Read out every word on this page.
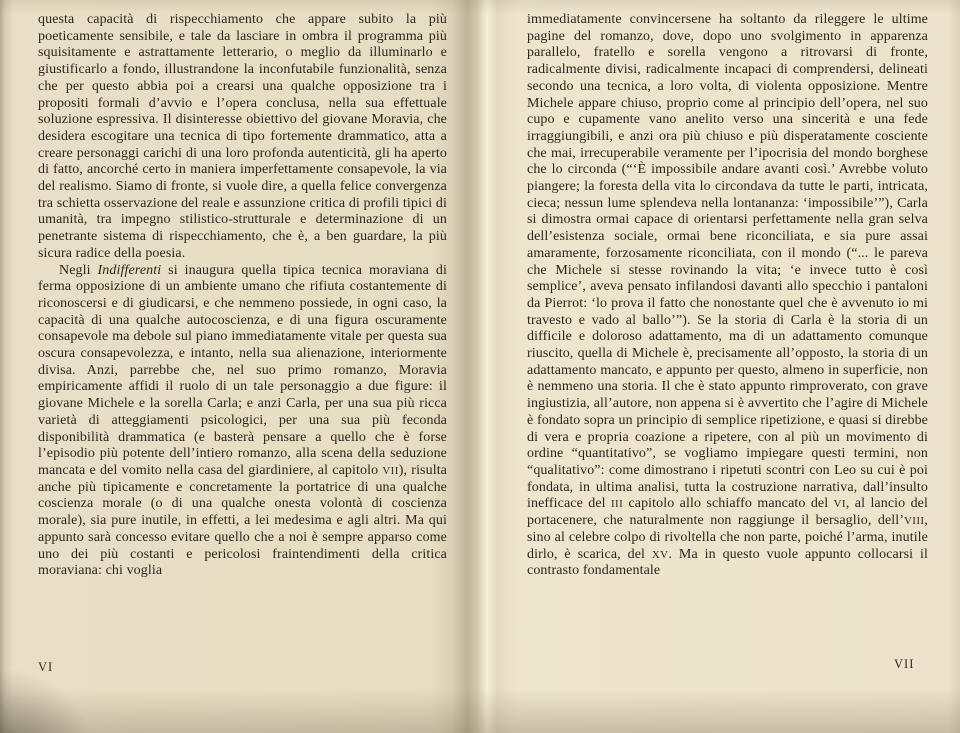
questa capacità di rispecchiamento che appare subito la più poeticamente sensibile, e tale da lasciare in ombra il programma più squisitamente e astrattamente letterario, o meglio da illuminarlo e giustificarlo a fondo, illustrandone la inconfutabile funzionalità, senza che per questo abbia poi a crearsi una qualche opposizione tra i propositi formali d’avvio e l’opera conclusa, nella sua effettuale soluzione espressiva. Il disinteresse obiettivo del giovane Moravia, che desidera escogitare una tecnica di tipo fortemente drammatico, atta a creare personaggi carichi di una loro profonda autenticità, gli ha aperto di fatto, ancorché certo in maniera imperfettamente consapevole, la via del realismo. Siamo di fronte, si vuole dire, a quella felice convergenza tra schietta osservazione del reale e assunzione critica di profili tipici di umanità, tra impegno stilistico-strutturale e determinazione di un penetrante sistema di rispecchiamento, che è, a ben guardare, la più sicura radice della poesia.

Negli Indifferenti si inaugura quella tipica tecnica moraviana di ferma opposizione di un ambiente umano che rifiuta costantemente di riconoscersi e di giudicarsi, e che nemmeno possiede, in ogni caso, la capacità di una qualche autocoscienza, e di una figura oscuramente consapevole ma debole sul piano immediatamente vitale per questa sua oscura consapevolezza, e intanto, nella sua alienazione, interiormente divisa. Anzi, parrebbe che, nel suo primo romanzo, Moravia empiricamente affidi il ruolo di un tale personaggio a due figure: il giovane Michele e la sorella Carla; e anzi Carla, per una sua più ricca varietà di atteggiamenti psicologici, per una sua più feconda disponibilità drammatica (e basterà pensare a quello che è forse l’episodio più potente dell’intiero romanzo, alla scena della seduzione mancata e del vomito nella casa del giardiniere, al capitolo VII), risulta anche più tipicamente e concretamente la portatrice di una qualche coscienza morale (o di una qualche onesta volontà di coscienza morale), sia pure inutile, in effetti, a lei medesima e agli altri. Ma qui appunto sarà concesso evitare quello che a noi è sempre apparso come uno dei più costanti e pericolosi fraintendimenti della critica moraviana: chi voglia

VI

immediatamente convincersene ha soltanto da rileggere le ultime pagine del romanzo, dove, dopo uno svolgimento in apparenza parallelo, fratello e sorella vengono a ritrovarsi di fronte, radicalmente divisi, radicalmente incapaci di comprendersi, delineati secondo una tecnica, a loro volta, di violenta opposizione. Mentre Michele appare chiuso, proprio come al principio dell’opera, nel suo cupo e cupamente vano anelito verso una sincerità e una fede irraggiungibili, e anzi ora più chiuso e più disperatamente cosciente che mai, irrecuperabile veramente per l’ipocrisia del mondo borghese che lo circonda (“‘È impossibile andare avanti così.’ Avrebbe voluto piangere; la foresta della vita lo circondava da tutte le parti, intricata, cieca; nessun lume splendeva nella lontananza: ‘impossibile’”), Carla si dimostra ormai capace di orientarsi perfettamente nella gran selva dell’esistenza sociale, ormai bene riconciliata, e sia pure assai amaramente, forzosamente riconciliata, con il mondo (“... le pareva che Michele si stesse rovinando la vita; ‘e invece tutto è così semplice’, aveva pensato infilandosi davanti allo specchio i pantaloni da Pierrot: ‘lo prova il fatto che nonostante quel che è avvenuto io mi travesto e vado al ballo’”). Se la storia di Carla è la storia di un difficile e doloroso adattamento, ma di un adattamento comunque riuscito, quella di Michele è, precisamente all’opposto, la storia di un adattamento mancato, e appunto per questo, almeno in superficie, non è nemmeno una storia. Il che è stato appunto rimproverato, con grave ingiustizia, all’autore, non appena si è avvertito che l’agire di Michele è fondato sopra un principio di semplice ripetizione, e quasi si direbbe di vera e propria coazione a ripetere, con al più un movimento di ordine “quantitativo”, se vogliamo impiegare questi termini, non “qualitativo”: come dimostrano i ripetuti scontri con Leo su cui è poi fondata, in ultima analisi, tutta la costruzione narrativa, dall’insulto inefficace del III capitolo allo schiaffo mancato del VI, al lancio del portacenere, che naturalmente non raggiunge il bersaglio, dell’VIII, sino al celebre colpo di rivoltella che non parte, poiché l’arma, inutile dirlo, è scarica, del XV. Ma in questo vuole appunto collocarsi il contrasto fondamentale

VII
